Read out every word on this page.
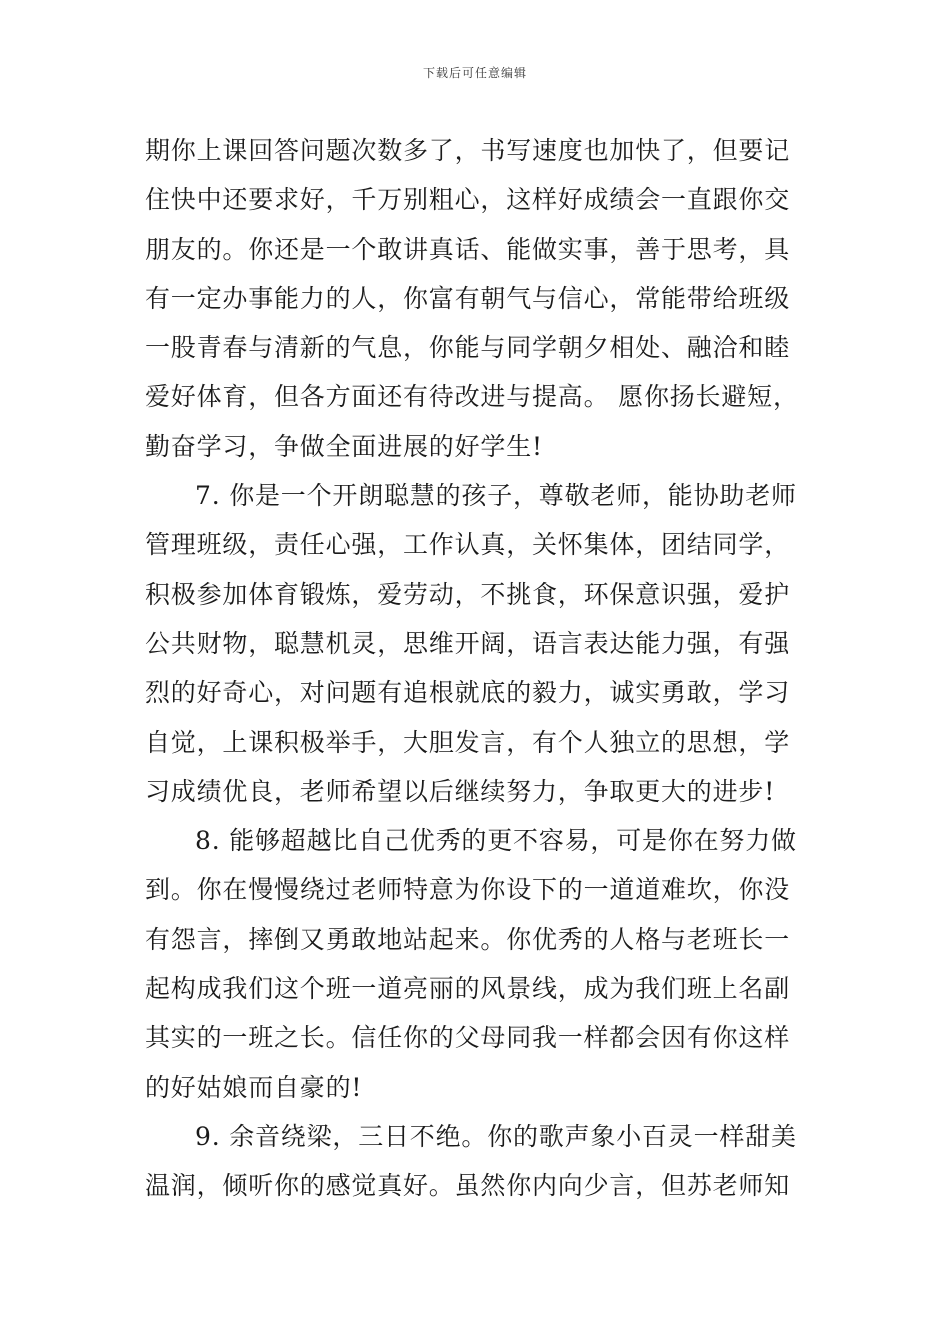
下载后可任意编辑
期你上课回答问题次数多了，书写速度也加快了，但要记
住快中还要求好，千万别粗心，这样好成绩会一直跟你交
朋友的。你还是一个敢讲真话、能做实事，善于思考，具
有一定办事能力的人，你富有朝气与信心，常能带给班级
一股青春与清新的气息，你能与同学朝夕相处、融洽和睦
爱好体育，但各方面还有待改进与提高。 愿你扬长避短，
勤奋学习，争做全面进展的好学生!
7. 你是一个开朗聪慧的孩子，尊敬老师，能协助老师
管理班级，责任心强，工作认真，关怀集体，团结同学，
积极参加体育锻炼，爱劳动，不挑食，环保意识强，爱护
公共财物，聪慧机灵，思维开阔，语言表达能力强，有强
烈的好奇心，对问题有追根就底的毅力，诚实勇敢，学习
自觉，上课积极举手，大胆发言，有个人独立的思想，学
习成绩优良，老师希望以后继续努力，争取更大的进步!
8. 能够超越比自己优秀的更不容易，可是你在努力做
到。你在慢慢绕过老师特意为你设下的一道道难坎，你没
有怨言，摔倒又勇敢地站起来。你优秀的人格与老班长一
起构成我们这个班一道亮丽的风景线，成为我们班上名副
其实的一班之长。信任你的父母同我一样都会因有你这样
的好姑娘而自豪的!
9. 余音绕梁，三日不绝。你的歌声象小百灵一样甜美
温润，倾听你的感觉真好。虽然你内向少言，但苏老师知
